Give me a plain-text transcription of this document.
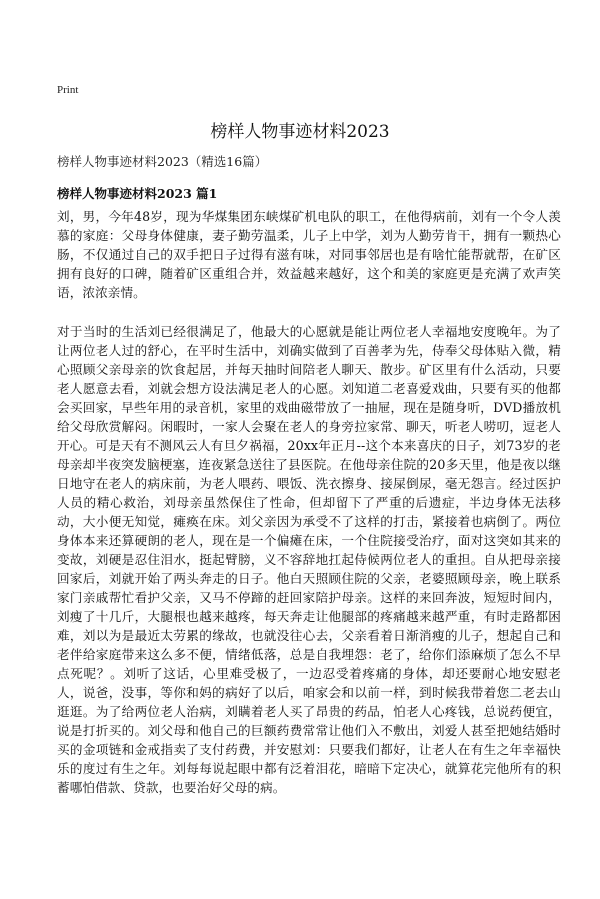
Print
榜样人物事迹材料2023
榜样人物事迹材料2023（精选16篇）
榜样人物事迹材料2023 篇1

刘，男，今年48岁，现为华煤集团东峡煤矿机电队的职工，在他得病前，刘有一个令人羡慕的家庭：父母身体健康，妻子勤劳温柔，儿子上中学，刘为人勤劳肯干，拥有一颗热心肠，不仅通过自己的双手把日子过得有滋有味，对同事邻居也是有啥忙能帮就帮，在矿区拥有良好的口碑，随着矿区重组合并，效益越来越好，这个和美的家庭更是充满了欢声笑语，浓浓亲情。

对于当时的生活刘已经很满足了，他最大的心愿就是能让两位老人幸福地安度晚年。为了让两位老人过的舒心，在平时生活中，刘确实做到了百善孝为先，侍奉父母体贴入微，精心照顾父亲母亲的饮食起居，并每天抽时间陪老人聊天、散步。矿区里有什么活动，只要老人愿意去看，刘就会想方设法满足老人的心愿。刘知道二老喜爱戏曲，只要有买的他都会买回家，早些年用的录音机，家里的戏曲磁带放了一抽屉，现在是随身听，DVD播放机给父母欣赏解闷。闲暇时，一家人会聚在老人的身旁拉家常、聊天，听老人唠叨，逗老人开心。可是天有不测风云人有旦夕祸福，20xx年正月--这个本来喜庆的日子，刘73岁的老母亲却半夜突发脑梗塞，连夜紧急送往了县医院。在他母亲住院的20多天里，他是夜以继日地守在老人的病床前，为老人喂药、喂饭、洗衣擦身、接屎倒尿，毫无怨言。经过医护人员的精心救治，刘母亲虽然保住了性命，但却留下了严重的后遗症，半边身体无法移动，大小便无知觉，瘫痪在床。刘父亲因为承受不了这样的打击，紧接着也病倒了。两位身体本来还算硬朗的老人，现在是一个偏瘫在床，一个住院接受治疗，面对这突如其来的变故，刘硬是忍住泪水，挺起臂膀，义不容辞地扛起侍候两位老人的重担。自从把母亲接回家后，刘就开始了两头奔走的日子。他白天照顾住院的父亲，老婆照顾母亲，晚上联系家门亲戚帮忙看护父亲，又马不停蹄的赶回家陪护母亲。这样的来回奔波，短短时间内，刘瘦了十几斤，大腿根也越来越疼，每天奔走让他腿部的疼痛越来越严重，有时走路都困难，刘以为是最近太劳累的缘故，也就没往心去，父亲看着日渐消瘦的儿子，想起自己和老伴给家庭带来这么多不便，情绪低落，总是自我埋怨：老了，给你们添麻烦了怎么不早点死呢？。刘听了这话，心里难受极了，一边忍受着疼痛的身体，却还要耐心地安慰老人，说爸，没事，等你和妈的病好了以后，咱家会和以前一样，到时候我带着您二老去山逛逛。为了给两位老人治病，刘瞒着老人买了昂贵的药品，怕老人心疼钱，总说药便宜，说是打折买的。刘父母和他自己的巨额药费常常让他们入不敷出，刘爱人甚至把她结婚时买的金项链和金戒指卖了支付药费，并安慰刘：只要我们都好，让老人在有生之年幸福快乐的度过有生之年。刘每每说起眼中都有泛着泪花，暗暗下定决心，就算花完他所有的积蓄哪怕借款、贷款，也要治好父母的病。
